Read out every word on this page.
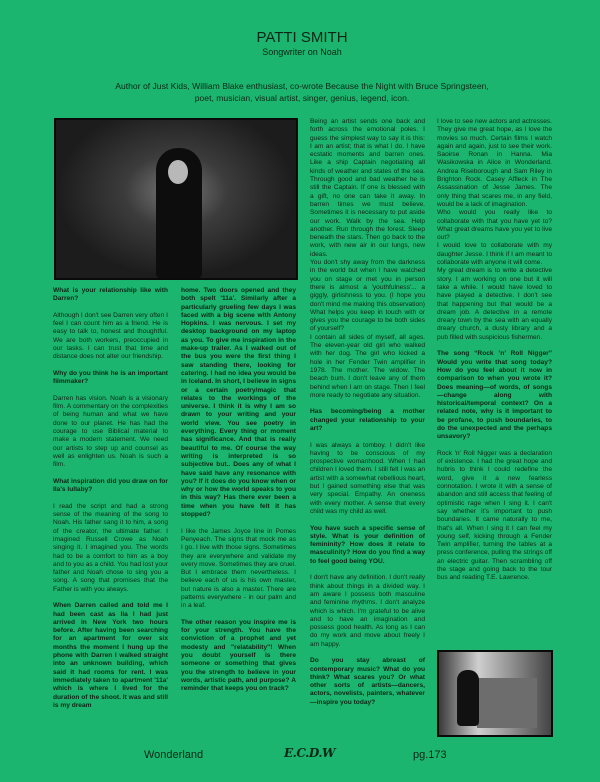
PATTI SMITH
Songwriter on Noah
Author of Just Kids, William Blake enthusiast, co-wrote Because the Night with Bruce Springsteen, poet, musician, visual artist, singer, genius, legend, icon.

What is your relationship like with Darren?

Although I don't see Darren very often I feel I can count him as a friend. He is easy to talk to, honest and thoughtful. We are both workers, preoccupied in our tasks. I can trust that time and distance does not alter our friendship.

Why do you think he is an important filmmaker?

Darren has vision. Noah is a visionary film. A commentary on the complexities of being human and what we have done to our planet. He has had the courage to use Biblical material to make a modern statement. We need our artists to step up and counsel as well as enlighten us. Noah is such a film.

What inspiration did you draw on for Ila's lullaby?

I read the script and had a strong sense of the meaning of the song to Noah. His father sang it to him, a song of the creator, the ultimate father. I imagined Russell Crowe as Noah singing it. I imagined you. The words had to be a comfort to him as a boy and to you as a child. You had lost your father and Noah chose to sing you a song. A song that promises that the Father is with you always.

When Darren called and told me I had been cast as Ila I had just arrived in New York two hours before. After having been searching for an apartment for over six months the moment I hung up the phone with Darren I walked straight into an unknown building, which said it had rooms for rent. I was immediately taken to apartment '11a' which is where I lived for the duration of the shoot. It was and still is my dream

home. Two doors opened and they both spelt '11a'. Similarly after a particularly grueling few days I was faced with a big scene with Antony Hopkins. I was nervous. I set my desktop background on my laptop as you. To give me inspiration in the make-up trailer. As I walked out of the bus you were the first thing I saw standing there, looking for catering. I had no idea you would be in Iceland. In short, I believe in signs or a certain poetry/magic that relates to the workings of the universe. I think it is why I am so drawn to your writing and your world view. You see poetry in everything. Every thing or moment has significance. And that is really beautiful to me. Of course the way writing is interpreted is so subjective but.. Does any of what I have said have any resonance with you? If it does do you know when or why or how the world speaks to you in this way? Has there ever been a time when you have felt it has stopped?

I like the James Joyce line in Pomes Penyeach. The signs that mock me as I go. I live with those signs. Sometimes they are everywhere and validate my every move. Sometimes they are cruel. But I embrace them nevertheless. I believe each of us is his own master, but nature is also a master. There are patterns everywhere - in our palm and in a leaf.

The other reason you inspire me is for your strength. You have the conviction of a prophet and yet modesty and "relatability"! When you doubt yourself is there someone or something that gives you the strength to believe in your words, artistic path, and purpose? A reminder that keeps you on track?

Being an artist sends one back and forth across the emotional poles. I guess the simplest way to say it is this: I am an artist; that is what I do. I have ecstatic moments and barren ones. Like a ship Captain negotiating all kinds of weather and states of the sea. Through good and bad weather he is still the Captain. If one is blessed with a gift, no one can take it away. In barren times we must believe. Sometimes it is necessary to put aside our work. Walk by the sea. Help another. Run through the forest. Sleep beneath the stars. Then go back to the work, with new air in our lungs, new ideas.

You don't shy away from the darkness in the world but when I have watched you on stage or met you in person there is almost a 'youthfulness'... a giggly, girlishness to you. (I hope you don't mind me making this observation) What helps you keep in touch with or gives you the courage to be both sides of yourself?

I contain all sides of myself, all ages. The eleven-year old girl who walked with her dog. The girl who kicked a hole in her Fender Twin amplifier in 1978. The mother. The widow. The beach bum. I don't leave any of them behind when I am on stage. Then I feel more ready to negotiate any situation.

Has becoming/being a mother changed your relationship to your art?

I was always a tomboy. I didn't like having to be conscious of my prospective womanhood. When I had children I loved them. I still felt I was an artist with a somewhat rebellious heart, but I gained something else that was very special. Empathy. An oneness with every mother. A sense that every child was my child as well.

You have such a specific sense of style. What is your definition of femininity? How does it relate to masculinity? How do you find a way to feel good being YOU.

I don't have any definition. I don't really think about things in a divided way. I am aware I possess both masculine and feminine rhythms. I don't analyze which is which. I'm grateful to be alive and to have an imagination and possess good health. As long as I can do my work and move about freely I am happy.

Do you stay abreast of contemporary music? What do you think? What scares you? Or what other sorts of artists—dancers, actors, novelists, painters, whatever—inspire you today?

I love to see new actors and actresses. They give me great hope, as I love the movies so much. Certain films I watch again and again, just to see their work. Saoirse Ronan in Hanna. Mia Wasikowska in Alice in Wonderland. Andrea Riseborough and Sam Riley in Brighton Rock. Casey Affleck in The Assassination of Jesse James. The only thing that scares me, in any field, would be a lack of imagination.

Who would you really like to collaborate with that you have yet to? What great dreams have you yet to live out?

I would love to collaborate with my daughter Jesse. I think if I am meant to collaborate with anyone it will come.

My great dream is to write a detective story. I am working on one but it will take a while. I would have loved to have played a detective. I don't see that happening but that would be a dream job. A detective in a remote dreary town by the sea with an equally dreary church, a dusty library and a pub filled with suspicious fishermen.

The song “Rock ’n’ Roll Nigger” Would you write that song today? How do you feel about it now in comparison to when you wrote it? Does meaning—of words, of songs—change along with historical/temporal context? On a related note, why is it important to be profane, to push boundaries, to do the unexpected and the perhaps unsavory?

Rock 'n' Roll Nigger was a declaration of existence. I had the great hope and hubris to think I could redefine the word, give it a new fearless connotation. I wrote it with a sense of abandon and still access that feeling of optimistic rage when I sing it. I can't say whether it's important to push boundaries. It came naturally to me, that's all. When I sing it I can feel my young self, kicking through a Fender Twin amplifier, turning the tables at a press conference, pulling the strings off an electric guitar. Then scrambling off the stage and going back to the tour bus and reading T.E. Lawrence.

Wonderland	E.C.D.W	pg.173
